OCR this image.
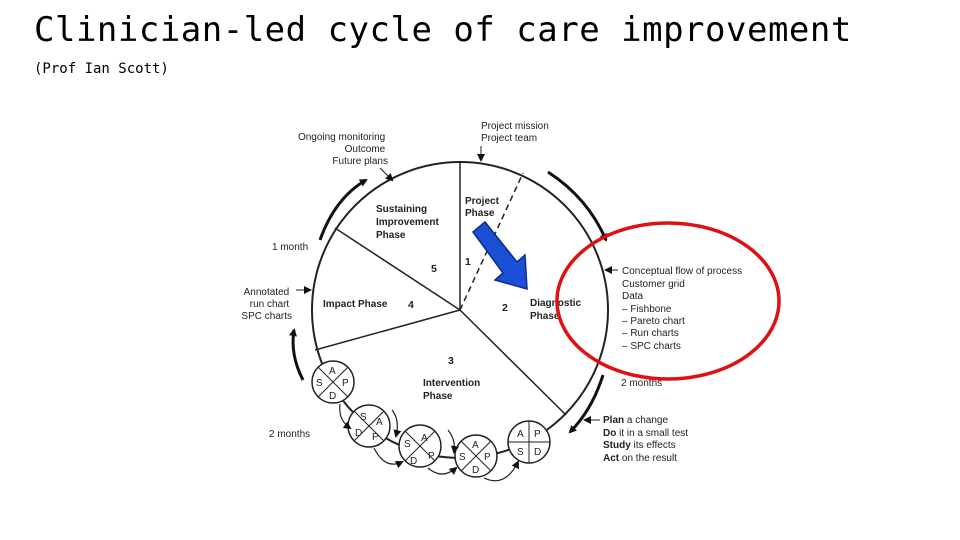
Clinician-led cycle of care improvement
(Prof Ian Scott)
Project Phase
1
Diagnostic Phase
2
3
Intervention Phase
Impact Phase 4
Sustaining Improvement Phase
5
Project mission Project team
Ongoing monitoring Outcome Future plans
Conceptual flow of process Customer grid Data – Fishbone – Pareto chart – Run charts – SPC charts
Annotated run chart SPC charts
Plan a change Do it in a small test Study its effects Act on the result
1 month
2 months
2 months
A
S P
D
A
S
P
D	A
S
P
D
A
S P
D
A
S
P
D
